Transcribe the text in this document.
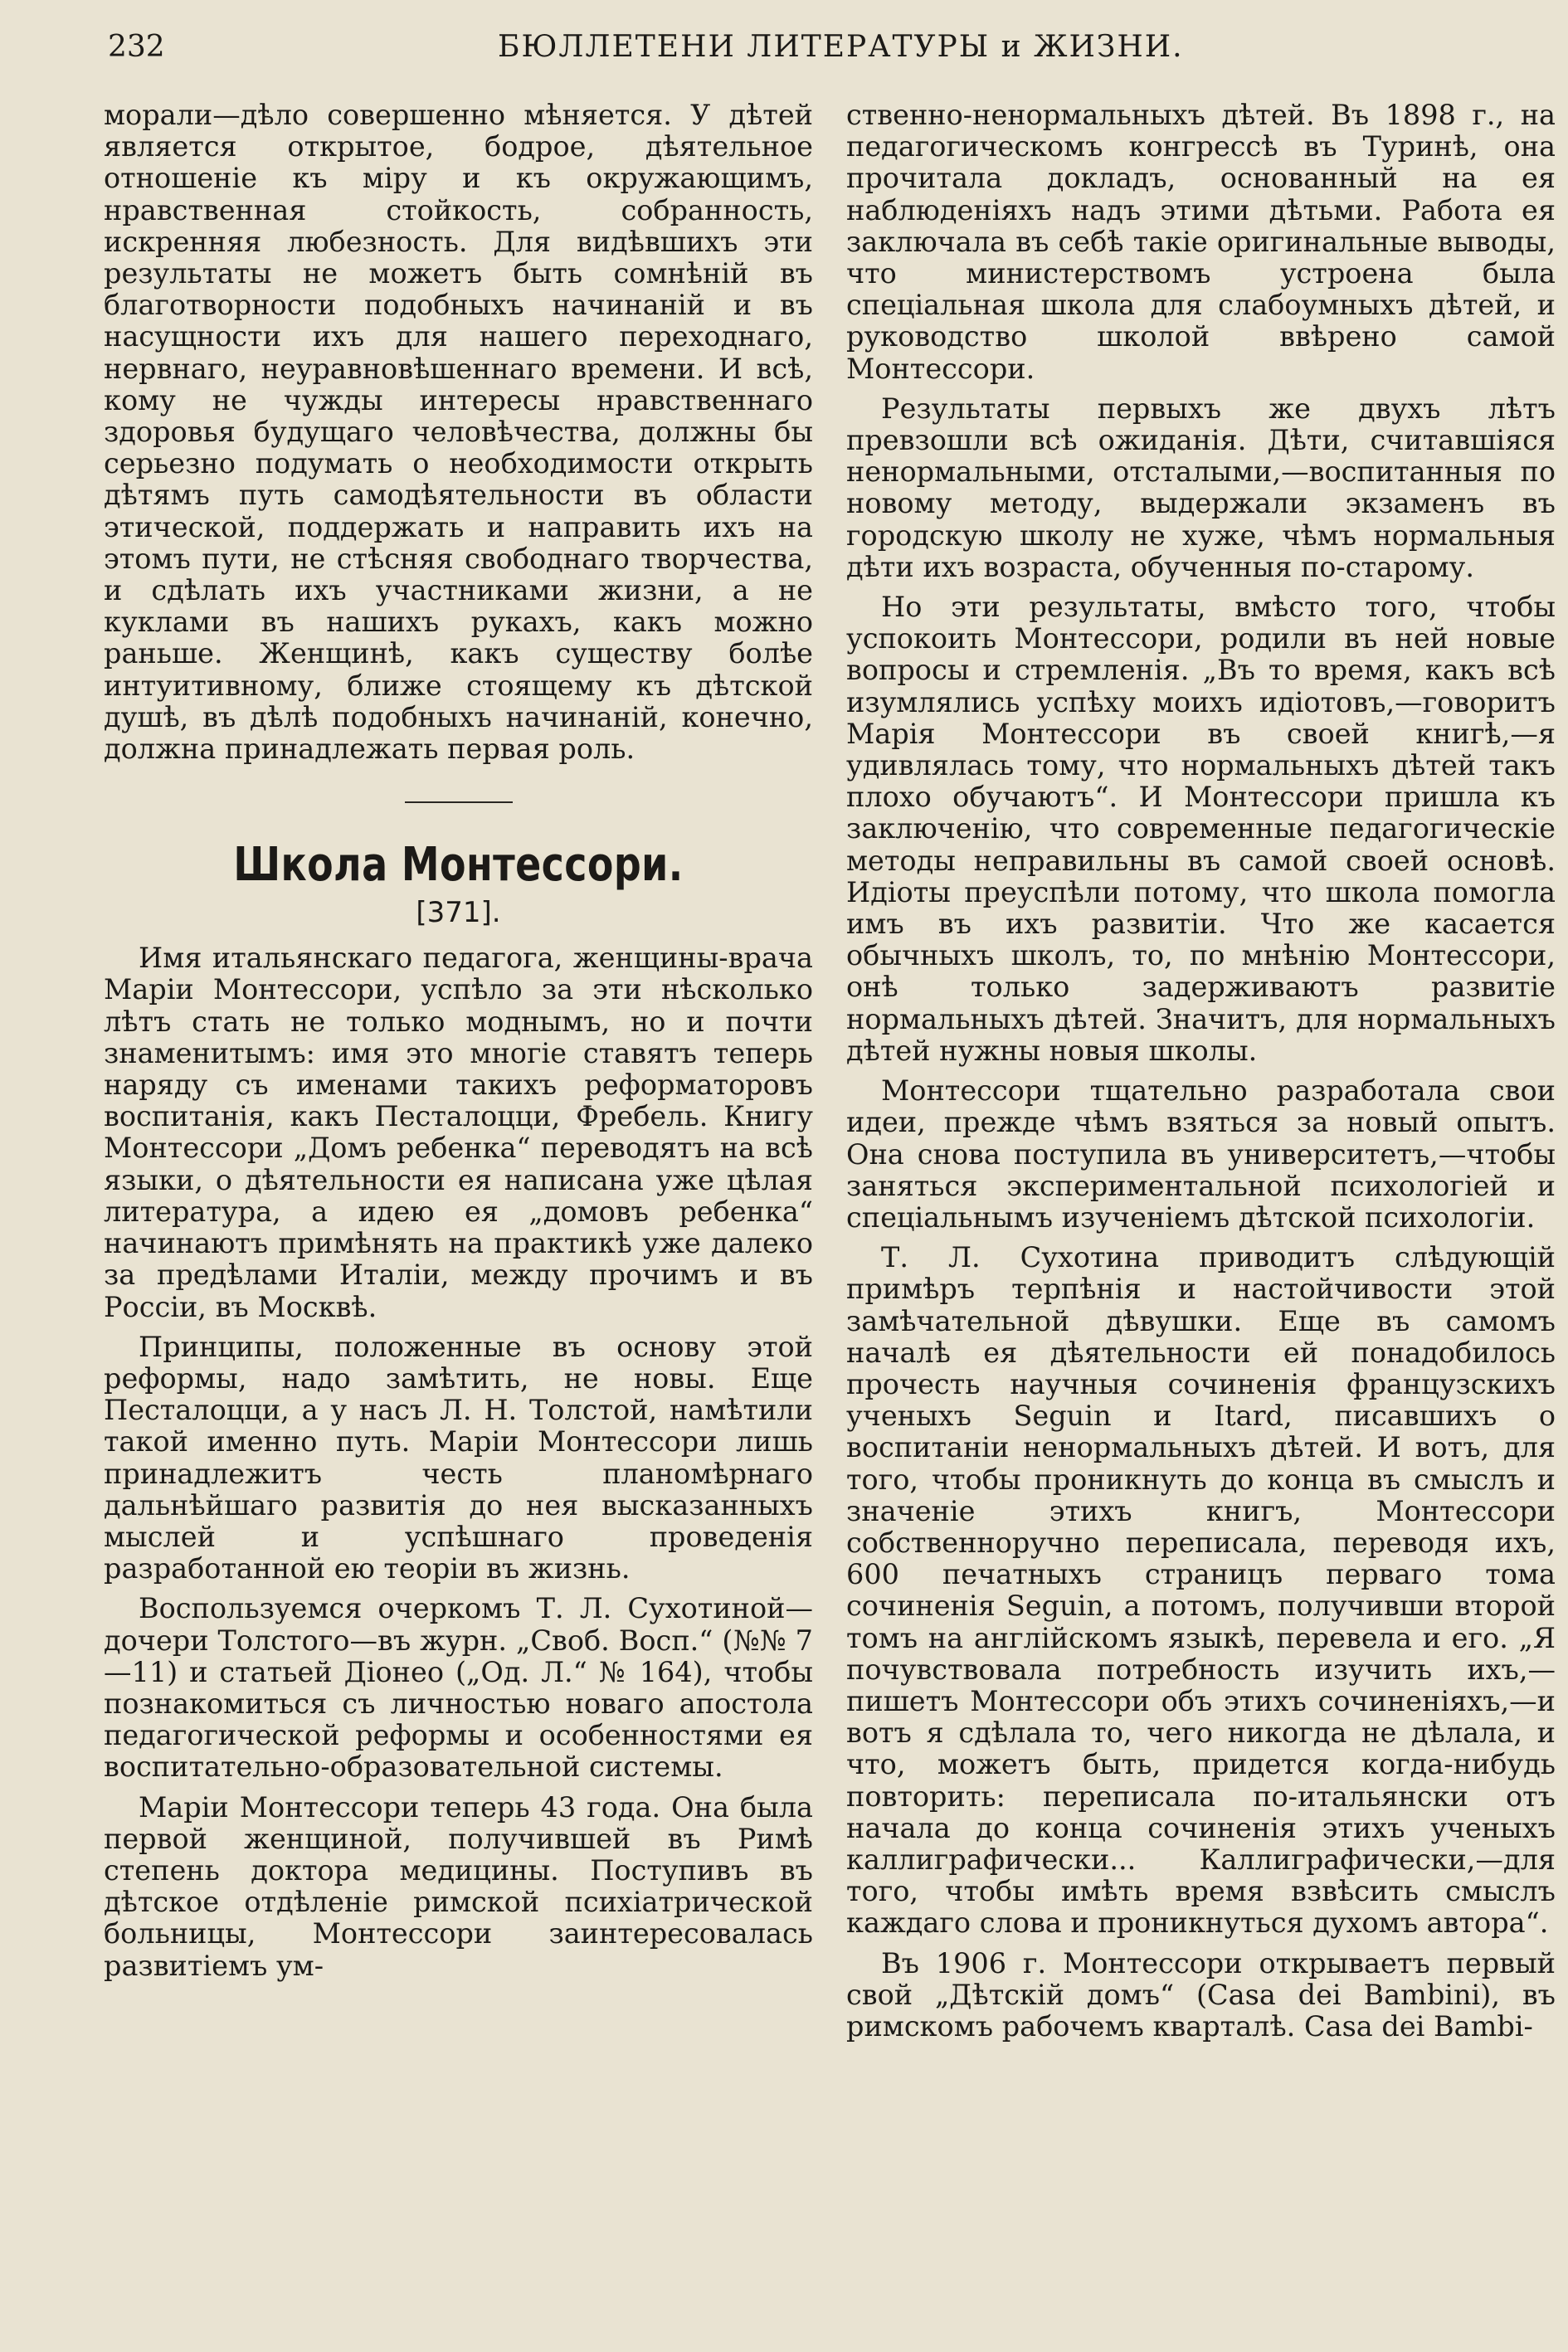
232	БЮЛЛЕТЕНИ ЛИТЕРАТУРЫ и ЖИЗНИ.

морали—дѣло совершенно мѣняется. У дѣтей является открытое, бодрое, дѣятельное отношеніе къ міру и къ окружающимъ, нравственная стойкость, собранность, искренняя любезность. Для видѣвшихъ эти результаты не можетъ быть сомнѣній въ благотворности подобныхъ начинаній и въ насущности ихъ для нашего переходнаго, нервнаго, неуравновѣшеннаго времени. И всѣ, кому не чужды интересы нравственнаго здоровья будущаго человѣчества, должны бы серьезно подумать о необходимости открыть дѣтямъ путь самодѣятельности въ области этической, поддержать и направить ихъ на этомъ пути, не стѣсняя свободнаго творчества, и сдѣлать ихъ участниками жизни, а не куклами въ нашихъ рукахъ, какъ можно раньше. Женщинѣ, какъ существу болѣе интуитивному, ближе стоящему къ дѣтской душѣ, въ дѣлѣ подобныхъ начинаній, конечно, должна принадлежать первая роль.

Школа Монтессори.
[371].

Имя итальянскаго педагога, женщины-врача Маріи Монтессори, успѣло за эти нѣсколько лѣтъ стать не только моднымъ, но и почти знаменитымъ: имя это многіе ставятъ теперь наряду съ именами такихъ реформаторовъ воспитанія, какъ Песталоцци, Фребель. Книгу Монтессори „Домъ ребенка“ переводятъ на всѣ языки, о дѣятельности ея написана уже цѣлая литература, а идею ея „домовъ ребенка“ начинаютъ примѣнять на практикѣ уже далеко за предѣлами Италіи, между прочимъ и въ Россіи, въ Москвѣ.

Принципы, положенные въ основу этой реформы, надо замѣтить, не новы. Еще Песталоцци, а у насъ Л. Н. Толстой, намѣтили такой именно путь. Маріи Монтессори лишь принадлежитъ честь планомѣрнаго дальнѣйшаго развитія до нея высказанныхъ мыслей и успѣшнаго проведенія разработанной ею теоріи въ жизнь.

Воспользуемся очеркомъ Т. Л. Сухотиной—дочери Толстого—въ журн. „Своб. Восп.“ (№№ 7—11) и статьей Діонео („Од. Л.“ № 164), чтобы познакомиться съ личностью новаго апостола педагогической реформы и особенностями ея воспитательно-образовательной системы.

Маріи Монтессори теперь 43 года. Она была первой женщиной, получившей въ Римѣ степень доктора медицины. Поступивъ въ дѣтское отдѣленіе римской психіатрической больницы, Монтессори заинтересовалась развитіемъ ум-

ственно-ненормальныхъ дѣтей. Въ 1898 г., на педагогическомъ конгрессѣ въ Туринѣ, она прочитала докладъ, основанный на ея наблюденіяхъ надъ этими дѣтьми. Работа ея заключала въ себѣ такіе оригинальные выводы, что министерствомъ устроена была спеціальная школа для слабоумныхъ дѣтей, и руководство школой ввѣрено самой Монтессори.

Результаты первыхъ же двухъ лѣтъ превзошли всѣ ожиданія. Дѣти, считавшіяся ненормальными, отсталыми,—воспитанныя по новому методу, выдержали экзаменъ въ городскую школу не хуже, чѣмъ нормальныя дѣти ихъ возраста, обученныя по-старому.

Но эти результаты, вмѣсто того, чтобы успокоить Монтессори, родили въ ней новые вопросы и стремленія. „Въ то время, какъ всѣ изумлялись успѣху моихъ идіотовъ,—говоритъ Марія Монтессори въ своей книгѣ,—я удивлялась тому, что нормальныхъ дѣтей такъ плохо обучаютъ“. И Монтессори пришла къ заключенію, что современные педагогическіе методы неправильны въ самой своей основѣ. Идіоты преуспѣли потому, что школа помогла имъ въ ихъ развитіи. Что же касается обычныхъ школъ, то, по мнѣнію Монтессори, онѣ только задерживаютъ развитіе нормальныхъ дѣтей. Значитъ, для нормальныхъ дѣтей нужны новыя школы.

Монтессори тщательно разработала свои идеи, прежде чѣмъ взяться за новый опытъ. Она снова поступила въ университетъ,—чтобы заняться экспериментальной психологіей и спеціальнымъ изученіемъ дѣтской психологіи.

Т. Л. Сухотина приводитъ слѣдующій примѣръ терпѣнія и настойчивости этой замѣчательной дѣвушки. Еще въ самомъ началѣ ея дѣятельности ей понадобилось прочесть научныя сочиненія французскихъ ученыхъ Seguin и Itard, писавшихъ о воспитаніи ненормальныхъ дѣтей. И вотъ, для того, чтобы проникнуть до конца въ смыслъ и значеніе этихъ книгъ, Монтессори собственноручно переписала, переводя ихъ, 600 печатныхъ страницъ перваго тома сочиненія Seguin, а потомъ, получивши второй томъ на англійскомъ языкѣ, перевела и его. „Я почувствовала потребность изучить ихъ,—пишетъ Монтессори объ этихъ сочиненіяхъ,—и вотъ я сдѣлала то, чего никогда не дѣлала, и что, можетъ быть, придется когда-нибудь повторить: переписала по-итальянски отъ начала до конца сочиненія этихъ ученыхъ каллиграфически... Каллиграфически,—для того, чтобы имѣть время взвѣсить смыслъ каждаго слова и проникнуться духомъ автора“.

Въ 1906 г. Монтессори открываетъ первый свой „Дѣтскій домъ“ (Casa dei Bambini), въ римскомъ рабочемъ кварталѣ. Casa dei Bambi-
